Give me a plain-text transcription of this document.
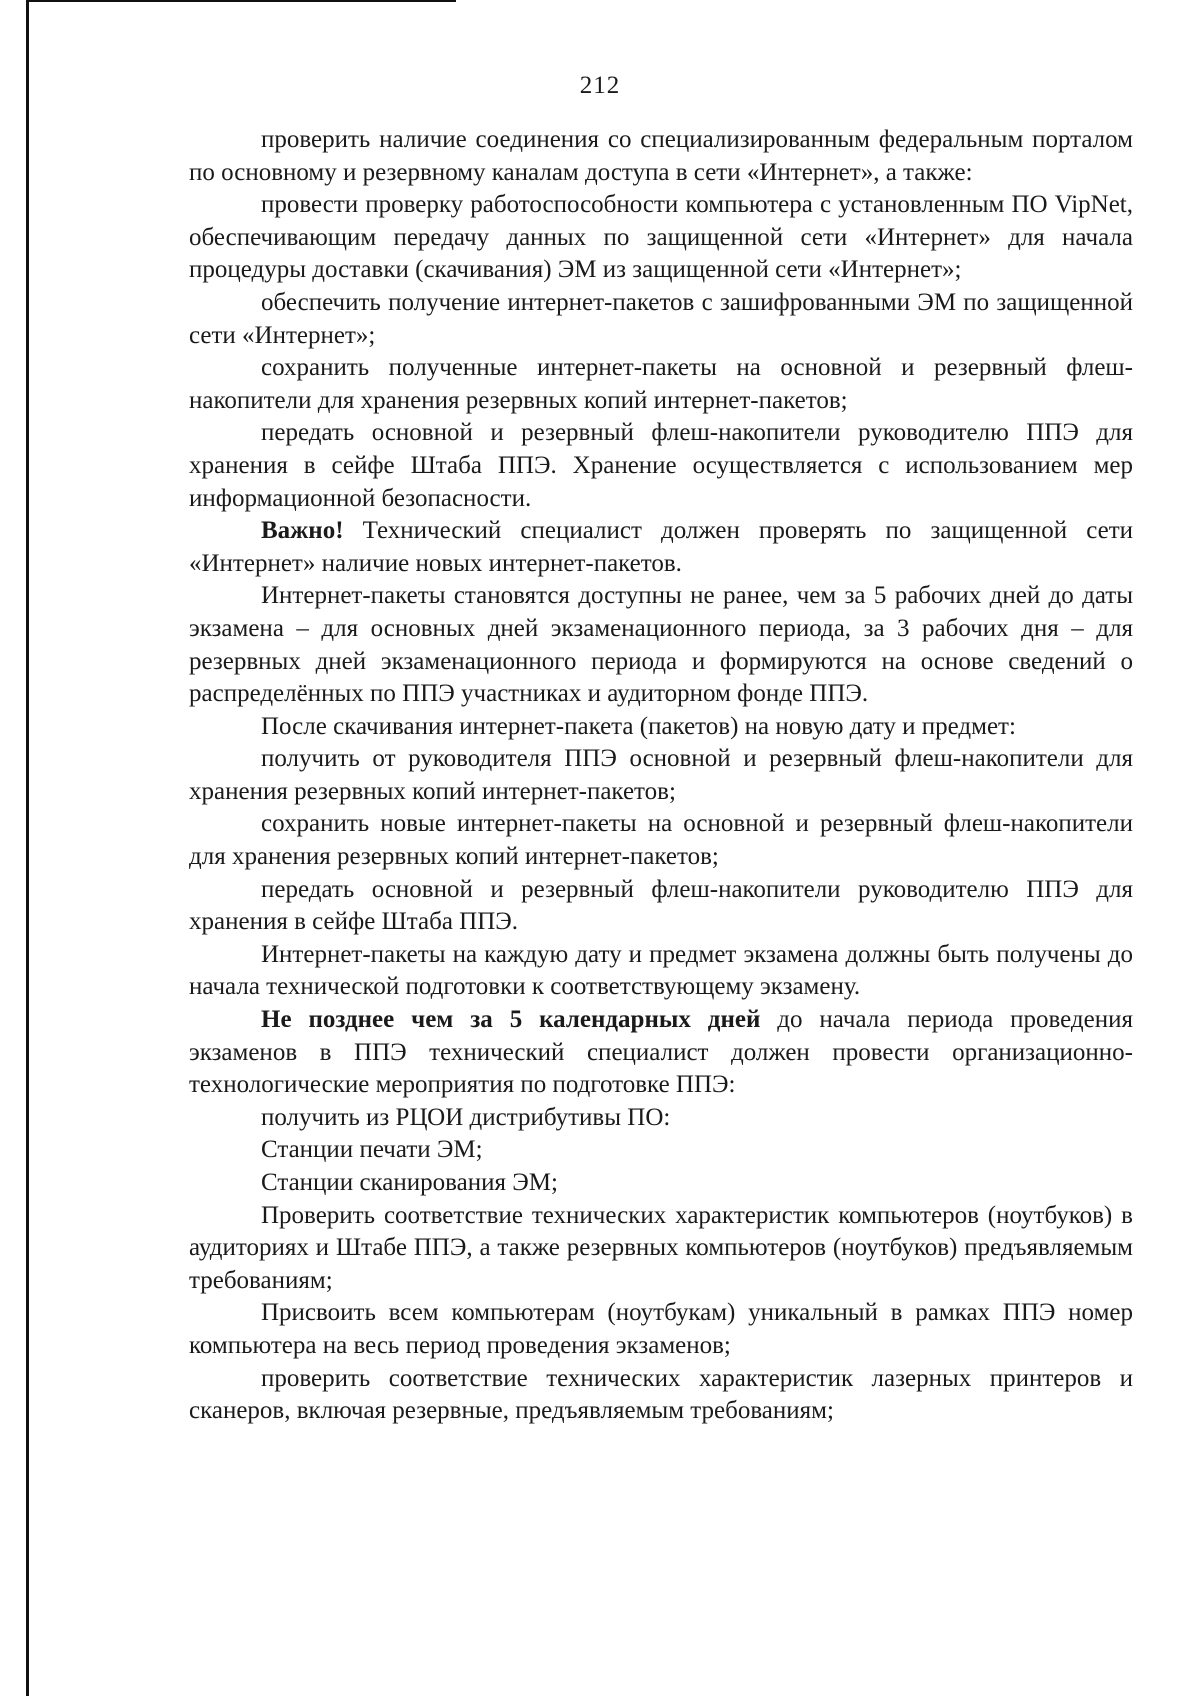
212

проверить наличие соединения со специализированным федеральным порталом по основному и резервному каналам доступа в сети «Интернет», а также:

провести проверку работоспособности компьютера с установленным ПО VipNet, обеспечивающим передачу данных по защищенной сети «Интернет» для начала процедуры доставки (скачивания) ЭМ из защищенной сети «Интернет»;

обеспечить получение интернет-пакетов с зашифрованными ЭМ по защищенной сети «Интернет»;

сохранить полученные интернет-пакеты на основной и резервный флеш-накопители для хранения резервных копий интернет-пакетов;

передать основной и резервный флеш-накопители руководителю ППЭ для хранения в сейфе Штаба ППЭ. Хранение осуществляется с использованием мер информационной безопасности.

Важно! Технический специалист должен проверять по защищенной сети «Интернет» наличие новых интернет-пакетов.

Интернет-пакеты становятся доступны не ранее, чем за 5 рабочих дней до даты экзамена – для основных дней экзаменационного периода, за 3 рабочих дня – для резервных дней экзаменационного периода и формируются на основе сведений о распределённых по ППЭ участниках и аудиторном фонде ППЭ.

После скачивания интернет-пакета (пакетов) на новую дату и предмет:

получить от руководителя ППЭ основной и резервный флеш-накопители для хранения резервных копий интернет-пакетов;

сохранить новые интернет-пакеты на основной и резервный флеш-накопители для хранения резервных копий интернет-пакетов;

передать основной и резервный флеш-накопители руководителю ППЭ для хранения в сейфе Штаба ППЭ.

Интернет-пакеты на каждую дату и предмет экзамена должны быть получены до начала технической подготовки к соответствующему экзамену.

Не позднее чем за 5 календарных дней до начала периода проведения экзаменов в ППЭ технический специалист должен провести организационно-технологические мероприятия по подготовке ППЭ:

получить из РЦОИ дистрибутивы ПО:

Станции печати ЭМ;

Станции сканирования ЭМ;

Проверить соответствие технических характеристик компьютеров (ноутбуков) в аудиториях и Штабе ППЭ, а также резервных компьютеров (ноутбуков) предъявляемым требованиям;

Присвоить всем компьютерам (ноутбукам) уникальный в рамках ППЭ номер компьютера на весь период проведения экзаменов;

проверить соответствие технических характеристик лазерных принтеров и сканеров, включая резервные, предъявляемым требованиям;
